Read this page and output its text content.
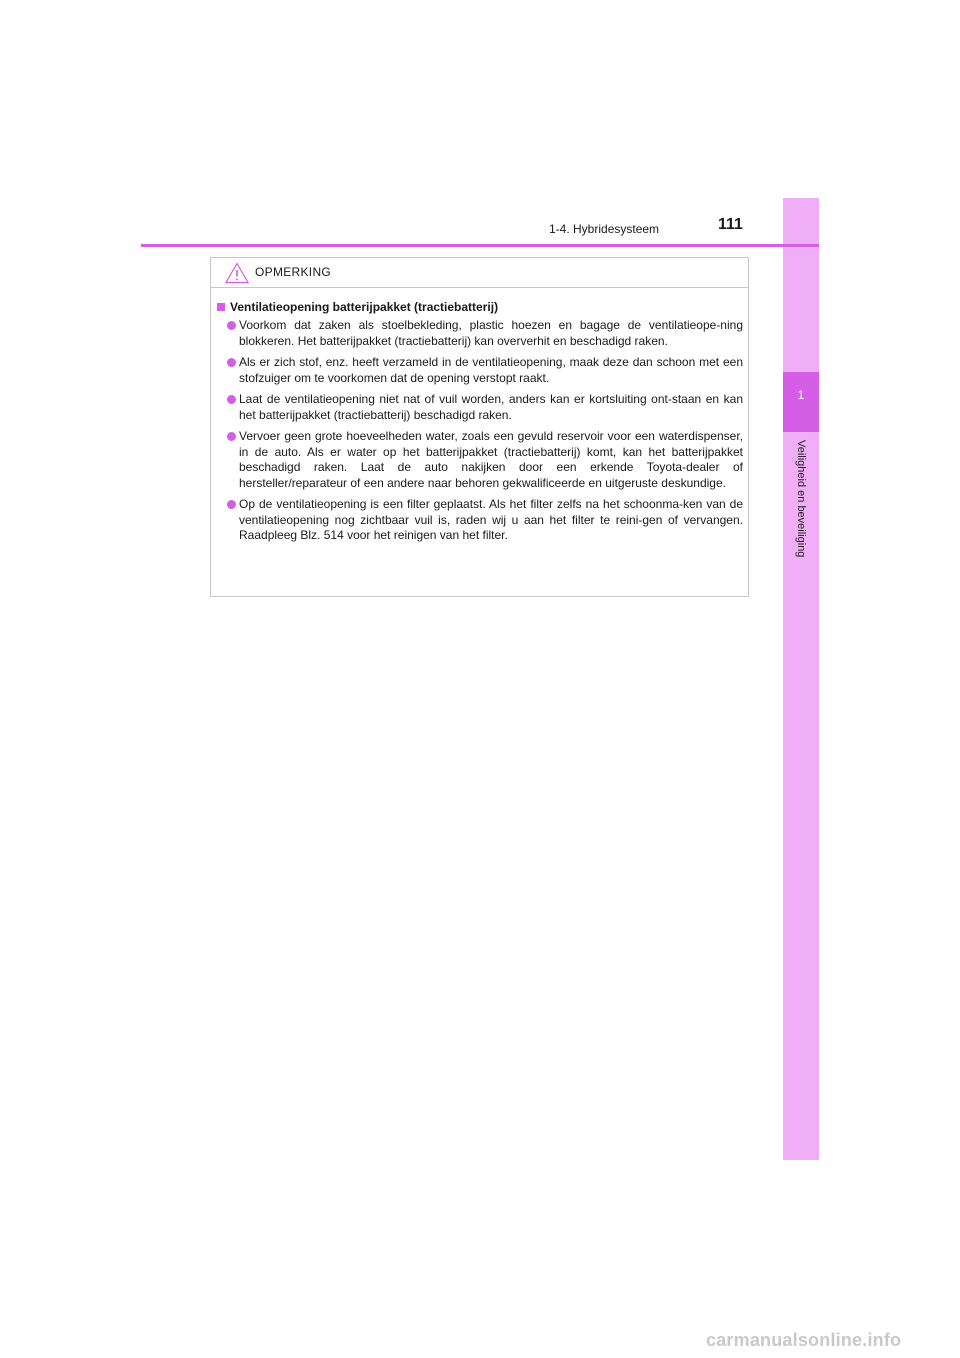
1
Veiligheid en beveiliging
1-4. Hybridesysteem	111
OPMERKING
Ventilatieopening batterijpakket (tractiebatterij)
Voorkom dat zaken als stoelbekleding, plastic hoezen en bagage de ventilatieope-ning blokkeren. Het batterijpakket (tractiebatterij) kan oververhit en beschadigd raken.
Als er zich stof, enz. heeft verzameld in de ventilatieopening, maak deze dan schoon met een stofzuiger om te voorkomen dat de opening verstopt raakt.
Laat de ventilatieopening niet nat of vuil worden, anders kan er kortsluiting ont-staan en kan het batterijpakket (tractiebatterij) beschadigd raken.
Vervoer geen grote hoeveelheden water, zoals een gevuld reservoir voor een waterdispenser, in de auto. Als er water op het batterijpakket (tractiebatterij) komt, kan het batterijpakket beschadigd raken. Laat de auto nakijken door een erkende Toyota-dealer of hersteller/reparateur of een andere naar behoren gekwalificeerde en uitgeruste deskundige.
Op de ventilatieopening is een filter geplaatst. Als het filter zelfs na het schoonma-ken van de ventilatieopening nog zichtbaar vuil is, raden wij u aan het filter te reini-gen of vervangen. Raadpleeg Blz. 514 voor het reinigen van het filter.
carmanualsonline.info
